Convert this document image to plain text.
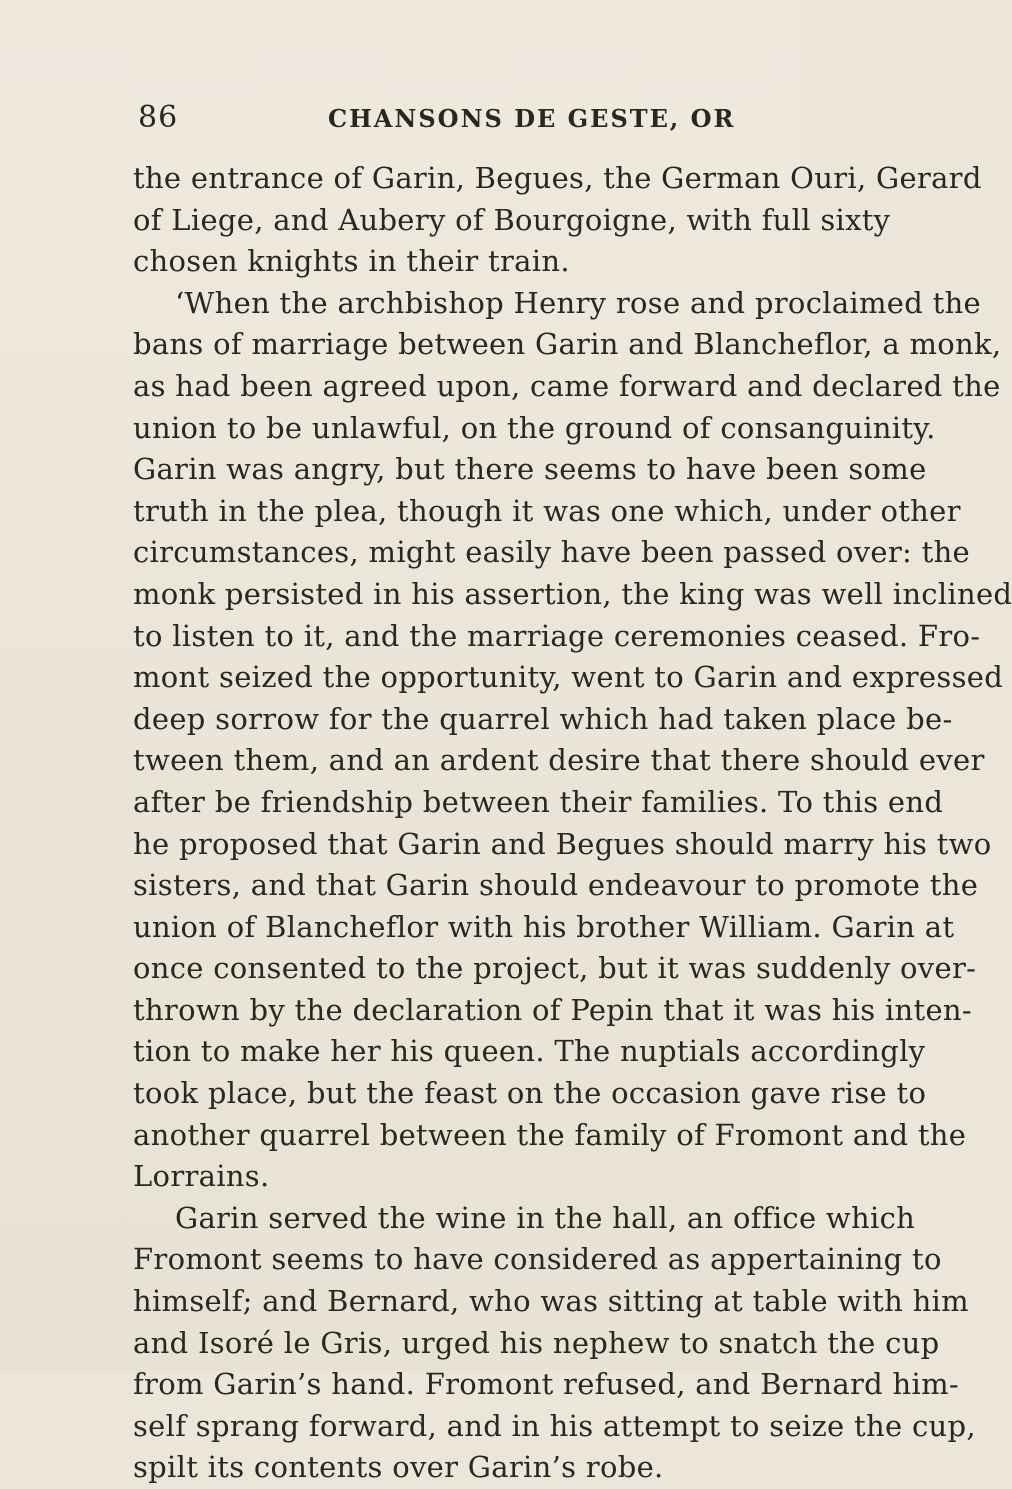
86	CHANSONS DE GESTE, OR
the entrance of Garin, Begues, the German Ouri, Gerard
of Liege, and Aubery of Bourgoigne, with full sixty
chosen knights in their train.
‘When the archbishop Henry rose and proclaimed the
bans of marriage between Garin and Blancheflor, a monk,
as had been agreed upon, came forward and declared the
union to be unlawful, on the ground of consanguinity.
Garin was angry, but there seems to have been some
truth in the plea, though it was one which, under other
circumstances, might easily have been passed over: the
monk persisted in his assertion, the king was well inclined
to listen to it, and the marriage ceremonies ceased. Fro-
mont seized the opportunity, went to Garin and expressed
deep sorrow for the quarrel which had taken place be-
tween them, and an ardent desire that there should ever
after be friendship between their families. To this end
he proposed that Garin and Begues should marry his two
sisters, and that Garin should endeavour to promote the
union of Blancheflor with his brother William. Garin at
once consented to the project, but it was suddenly over-
thrown by the declaration of Pepin that it was his inten-
tion to make her his queen. The nuptials accordingly
took place, but the feast on the occasion gave rise to
another quarrel between the family of Fromont and the
Lorrains.
Garin served the wine in the hall, an office which
Fromont seems to have considered as appertaining to
himself; and Bernard, who was sitting at table with him
and Isoré le Gris, urged his nephew to snatch the cup
from Garin’s hand. Fromont refused, and Bernard him-
self sprang forward, and in his attempt to seize the cup,
spilt its contents over Garin’s robe.
